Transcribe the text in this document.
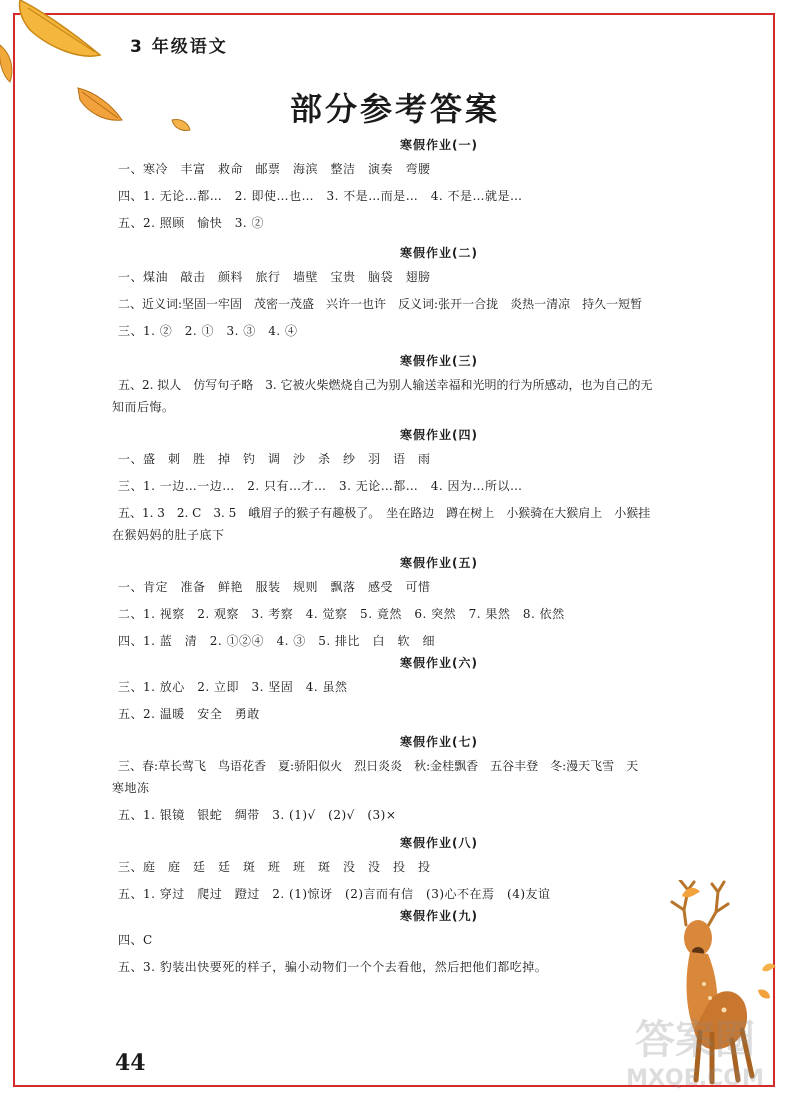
3 年级语文
部分参考答案
寒假作业(一)
一、寒冷　丰富　救命　邮票　海滨　整洁　演奏　弯腰
四、1. 无论…都…　2. 即使…也…　3. 不是…而是…　4. 不是…就是…
五、2. 照顾　愉快　3. ②
寒假作业(二)
一、煤油　敲击　颜料　旅行　墙壁　宝贵　脑袋　翅膀
二、近义词:坚固一牢固　茂密一茂盛　兴许一也许　反义词:张开一合拢　炎热一清凉　持久一短暂
三、1. ②　2. ①　3. ③　4. ④
寒假作业(三)
五、2. 拟人　仿写句子略　3. 它被火柴燃烧自己为别人输送幸福和光明的行为所感动，也为自己的无
知而后悔。
寒假作业(四)
一、盛　刺　胜　掉　钓　调　沙　杀　纱　羽　语　雨
三、1. 一边…一边…　2. 只有…才…　3. 无论…都…　4. 因为…所以…
五、1. 3　2. C　3. 5　峨眉子的猴子有趣极了。　坐在路边　蹲在树上　小猴骑在大猴肩上　小猴挂
在猴妈妈的肚子底下
寒假作业(五)
一、肯定　准备　鲜艳　服装　规则　飘落　感受　可惜
二、1. 视察　2. 观察　3. 考察　4. 觉察　5. 竟然　6. 突然　7. 果然　8. 依然
四、1. 蓝　清　2. ①②④　4. ③　5. 排比　白　软　细
寒假作业(六)
三、1. 放心　2. 立即　3. 坚固　4. 虽然
五、2. 温暖　安全　勇敢
寒假作业(七)
三、春:草长莺飞　鸟语花香　夏:骄阳似火　烈日炎炎　秋:金桂飘香　五谷丰登　冬:漫天飞雪　天
寒地冻
五、1. 银镜　银蛇　绸带　3. (1)√　(2)√　(3)×
寒假作业(八)
三、庭　庭　廷　廷　斑　班　班　斑　没　没　投　投
五、1. 穿过　爬过　蹬过　2. (1)惊讶　(2)言而有信　(3)心不在焉　(4)友谊
寒假作业(九)
四、C
五、3. 豹装出快要死的样子，骗小动物们一个个去看他，然后把他们都吃掉。
44	答案圈
MXQE.COM
